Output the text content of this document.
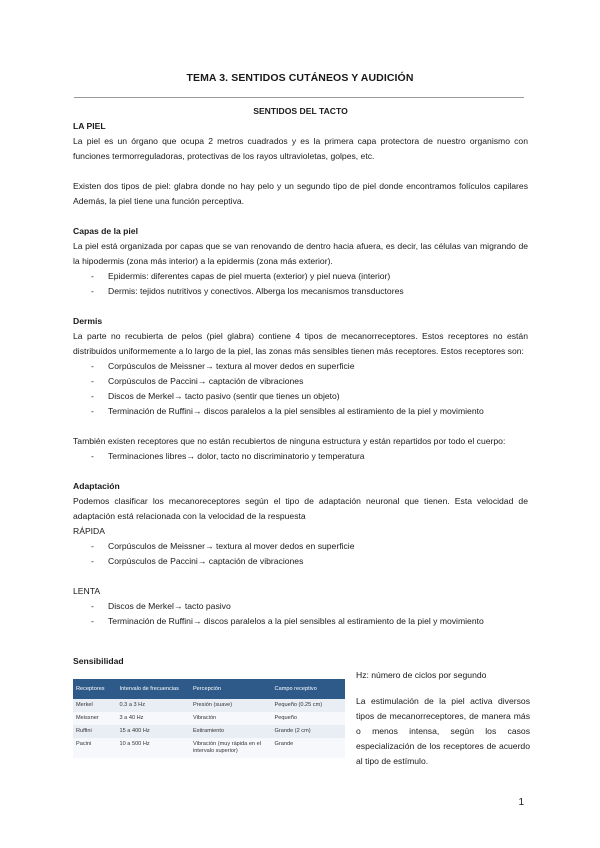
TEMA 3. SENTIDOS CUTÁNEOS Y AUDICIÓN

SENTIDOS DEL TACTO

LA PIEL

La piel es un órgano que ocupa 2 metros cuadrados y es la primera capa protectora de nuestro organismo con funciones termorreguladoras, protectivas de los rayos ultravioletas, golpes, etc.

Existen dos tipos de piel: glabra donde no hay pelo y un segundo tipo de piel donde encontramos folículos capilares Además, la piel tiene una función perceptiva.

Capas de la piel

La piel está organizada por capas que se van renovando de dentro hacia afuera, es decir, las células van migrando de la hipodermis (zona más interior) a la epidermis (zona más exterior).

- Epidermis: diferentes capas de piel muerta (exterior) y piel nueva (interior)
- Dermis: tejidos nutritivos y conectivos. Alberga los mecanismos transductores

Dermis

La parte no recubierta de pelos (piel glabra) contiene 4 tipos de mecanorreceptores. Estos receptores no están distribuidos uniformemente a lo largo de la piel, las zonas más sensibles tienen más receptores. Estos receptores son:

- Corpúsculos de Meissner→ textura al mover dedos en superficie
- Corpúsculos de Paccini→ captación de vibraciones
- Discos de Merkel→ tacto pasivo (sentir que tienes un objeto)
- Terminación de Ruffini→ discos paralelos a la piel sensibles al estiramiento de la piel y movimiento

También existen receptores que no están recubiertos de ninguna estructura y están repartidos por todo el cuerpo:

- Terminaciones libres→ dolor, tacto no discriminatorio y temperatura

Adaptación

Podemos clasificar los mecanoreceptores según el tipo de adaptación neuronal que tienen. Esta velocidad de adaptación está relacionada con la velocidad de la respuesta

RÁPIDA

- Corpúsculos de Meissner→ textura al mover dedos en superficie
- Corpúsculos de Paccini→ captación de vibraciones

LENTA

- Discos de Merkel→ tacto pasivo
- Terminación de Ruffini→ discos paralelos a la piel sensibles al estiramiento de la piel y movimiento
Sensibilidad
Receptores	Intervalo de frecuencias	Percepción	Campo receptivo
Merkel	0.3 a 3 Hz	Presión (suave)	Pequeño (0.25 cm)
Meissner	3 a 40 Hz	Vibración	Pequeño
Ruffini	15 a 400 Hz	Estiramiento	Grande (2 cm)
Pacini	10 a 500 Hz	Vibración (muy rápida en el intervalo superior)	Grande

Hz: número de ciclos por segundo

La estimulación de la piel activa diversos tipos de mecanorreceptores, de manera más o menos intensa, según los casos especialización de los receptores de acuerdo al tipo de estímulo.

1
